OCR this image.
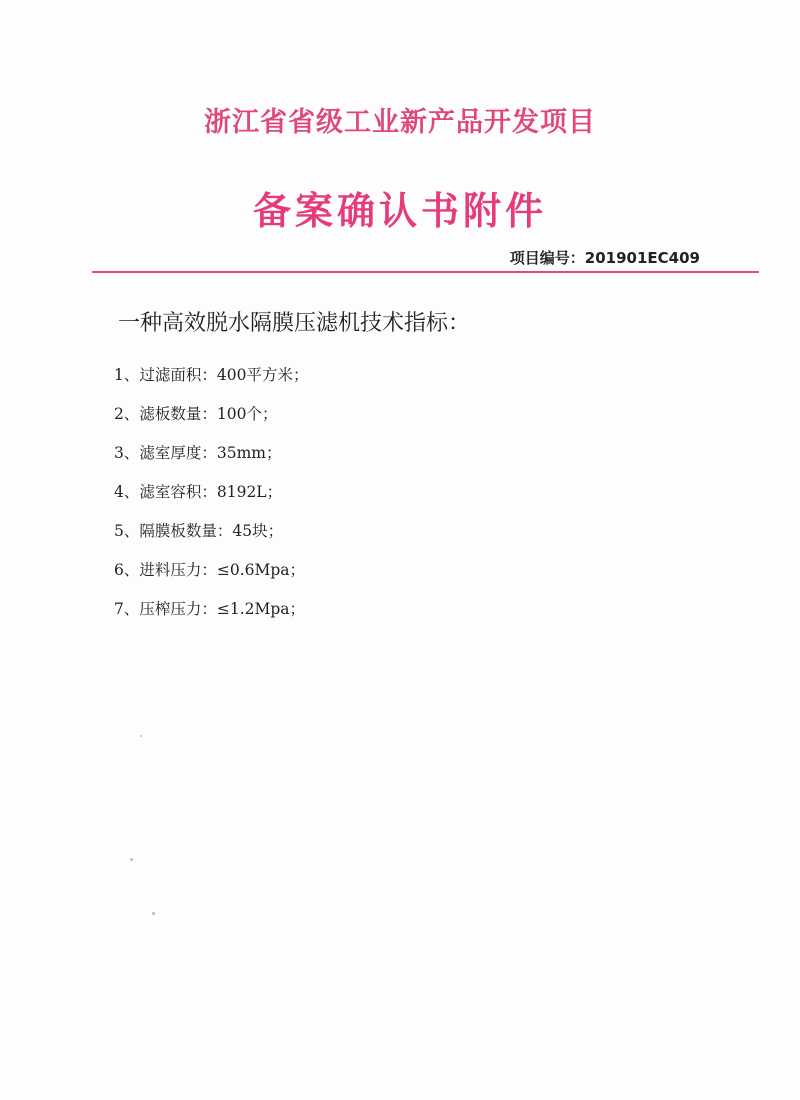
浙江省省级工业新产品开发项目
备案确认书附件
项目编号：201901EC409

一种高效脱水隔膜压滤机技术指标：

1、过滤面积：400平方米；
2、滤板数量：100个；
3、滤室厚度：35mm；
4、滤室容积：8192L；
5、隔膜板数量：45块；
6、进料压力：≤0.6Mpa；
7、压榨压力：≤1.2Mpa；
